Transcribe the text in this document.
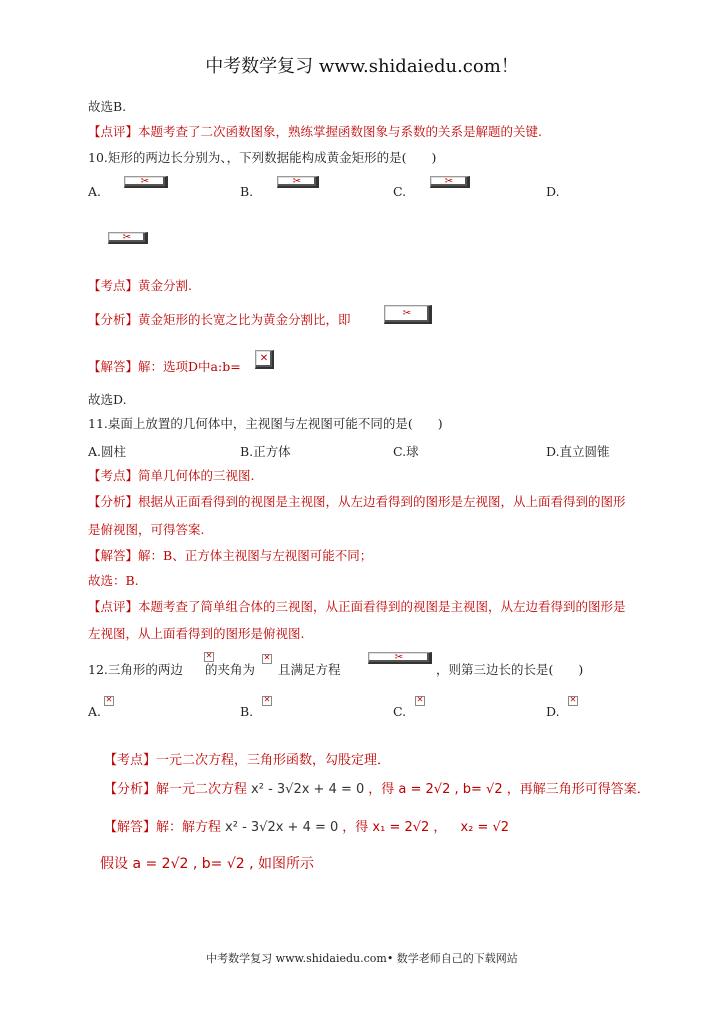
中考数学复习 www.shidaiedu.com！
故选B.
【点评】本题考查了二次函数图象，熟练掌握函数图象与系数的关系是解题的关键.
10.矩形的两边长分别为、，下列数据能构成黄金矩形的是(　　)
A.
✂
B.
✂
C.
✂
D.
✂
【考点】黄金分割.
【分析】黄金矩形的长宽之比为黄金分割比，即	✂
【解答】解：选项D中a:b=
✕
故选D.
11.桌面上放置的几何体中，主视图与左视图可能不同的是(　　)
A.圆柱	B.正方体	C.球	D.直立圆锥
【考点】简单几何体的三视图.
【分析】根据从正面看得到的视图是主视图，从左边看得到的图形是左视图，从上面看得到的图形
是俯视图，可得答案.
【解答】解：B、正方体主视图与左视图可能不同；
故选：B.
【点评】本题考查了简单组合体的三视图，从正面看得到的视图是主视图，从左边看得到的图形是
左视图，从上面看得到的图形是俯视图.
12.三角形的两边
✕
的夹角为
✕
且满足方程
✂
，则第三边长的长是(　　)
A.
✕
B.
✕
C.
✕
D.
✕
【考点】一元二次方程，三角形函数，勾股定理．
【分析】解一元二次方程 x² - 3√2x + 4 = 0 ，得 a = 2√2 , b= √2 ，再解三角形可得答案．
【解答】解：解方程 x² - 3√2x + 4 = 0 ，得 x₁ = 2√2 ， x₂ = √2
假设 a = 2√2 , b= √2 , 如图所示
中考数学复习 www.shidaiedu.com• 数学老师自己的下载网站
